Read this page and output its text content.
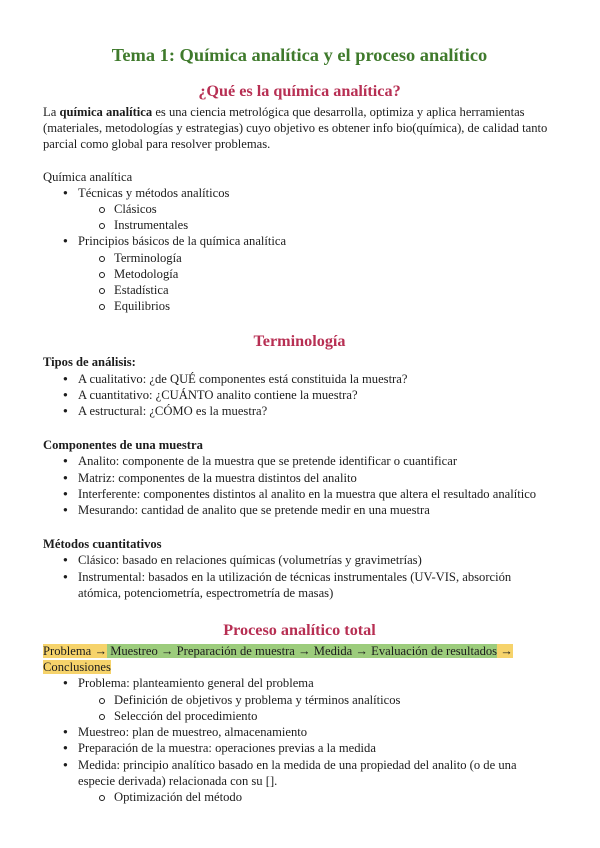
Tema 1: Química analítica y el proceso analítico
¿Qué es la química analítica?

La química analítica es una ciencia metrológica que desarrolla, optimiza y aplica herramientas (materiales, metodologías y estrategias) cuyo objetivo es obtener info bio(química), de calidad tanto parcial como global para resolver problemas.

Química analítica

● Técnicas y métodos analíticos
Clásicos
Instrumentales
● Principios básicos de la química analítica
Terminología
Metodología
Estadística
Equilibrios
Terminología

Tipos de análisis:

● A cualitativo: ¿de QUÉ componentes está constituida la muestra?
● A cuantitativo: ¿CUÁNTO analito contiene la muestra?
● A estructural: ¿CÓMO es la muestra?

Componentes de una muestra

● Analito: componente de la muestra que se pretende identificar o cuantificar
● Matriz: componentes de la muestra distintos del analito
● Interferente: componentes distintos al analito en la muestra que altera el resultado analítico
● Mesurando: cantidad de analito que se pretende medir en una muestra

Métodos cuantitativos

● Clásico: basado en relaciones químicas (volumetrías y gravimetrías)
● Instrumental: basados en la utilización de técnicas instrumentales (UV-VIS, absorción atómica, potenciometría, espectrometría de masas)
Proceso analítico total

Problema → Muestreo → Preparación de muestra → Medida → Evaluación de resultados → Conclusiones

● Problema: planteamiento general del problema
Definición de objetivos y problema y términos analíticos
Selección del procedimiento
● Muestreo: plan de muestreo, almacenamiento
● Preparación de la muestra: operaciones previas a la medida
● Medida: principio analítico basado en la medida de una propiedad del analito (o de una especie derivada) relacionada con su [].
Optimización del método
